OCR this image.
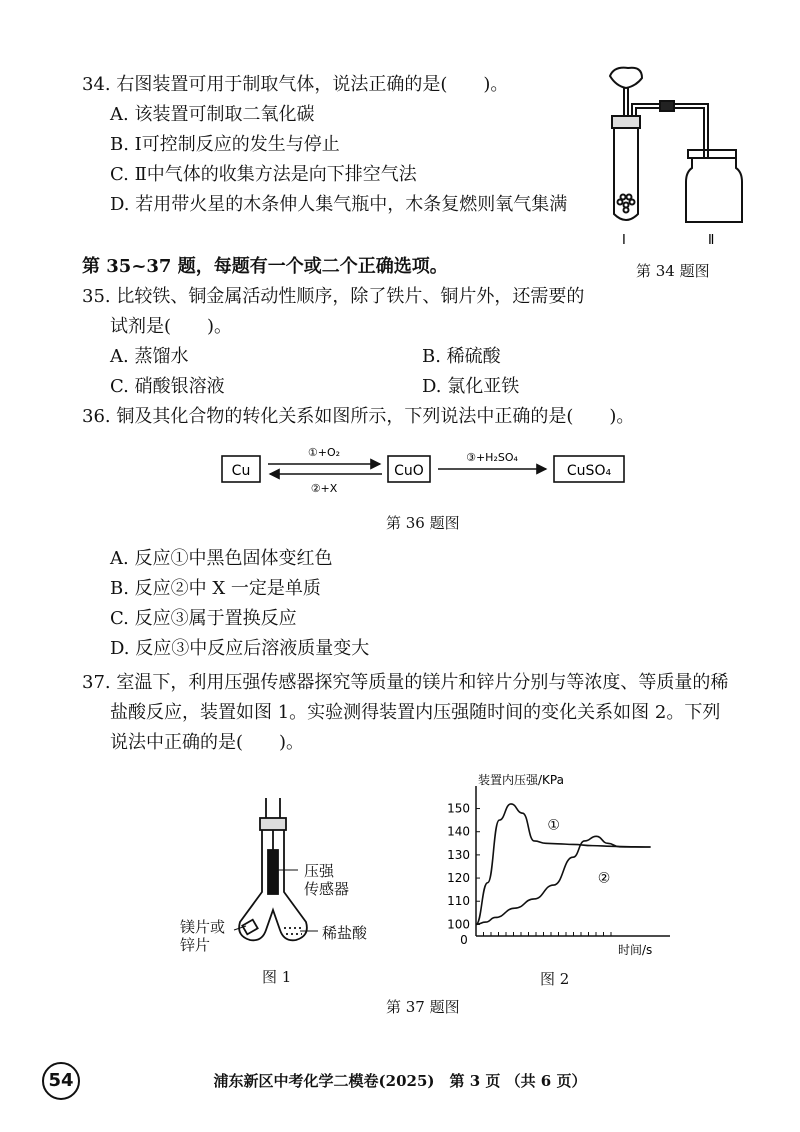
34. 右图装置可用于制取气体，说法正确的是(　　)。
A. 该装置可制取二氧化碳
B. Ⅰ可控制反应的发生与停止
C. Ⅱ中气体的收集方法是向下排空气法
D. 若用带火星的木条伸人集气瓶中，木条复燃则氧气集满
Ⅰ	Ⅱ
第 34 题图
第 35~37 题，每题有一个或二个正确选项。
35. 比较铁、铜金属活动性顺序，除了铁片、铜片外，还需要的
试剂是(　　)。
A. 蒸馏水	B. 稀硫酸
C. 硝酸银溶液	D. 氯化亚铁
36. 铜及其化合物的转化关系如图所示，下列说法中正确的是(　　)。
Cu
①+O₂
②+X
CuO
③+H₂SO₄
CuSO₄
第 36 题图
A. 反应①中黑色固体变红色
B. 反应②中 X 一定是单质
C. 反应③属于置换反应
D. 反应③中反应后溶液质量变大
37. 室温下，利用压强传感器探究等质量的镁片和锌片分别与等浓度、等质量的稀
盐酸反应，装置如图 1。实验测得装置内压强随时间的变化关系如图 2。下列
说法中正确的是(　　)。
压强
传感器
镁片或
锌片
稀盐酸
图 1
装置内压强/KPa
时间/s
0
100
110
120
130
140
150
①
②
图 2
第 37 题图
54	浦东新区中考化学二模卷(2025)　第 3 页 （共 6 页）
